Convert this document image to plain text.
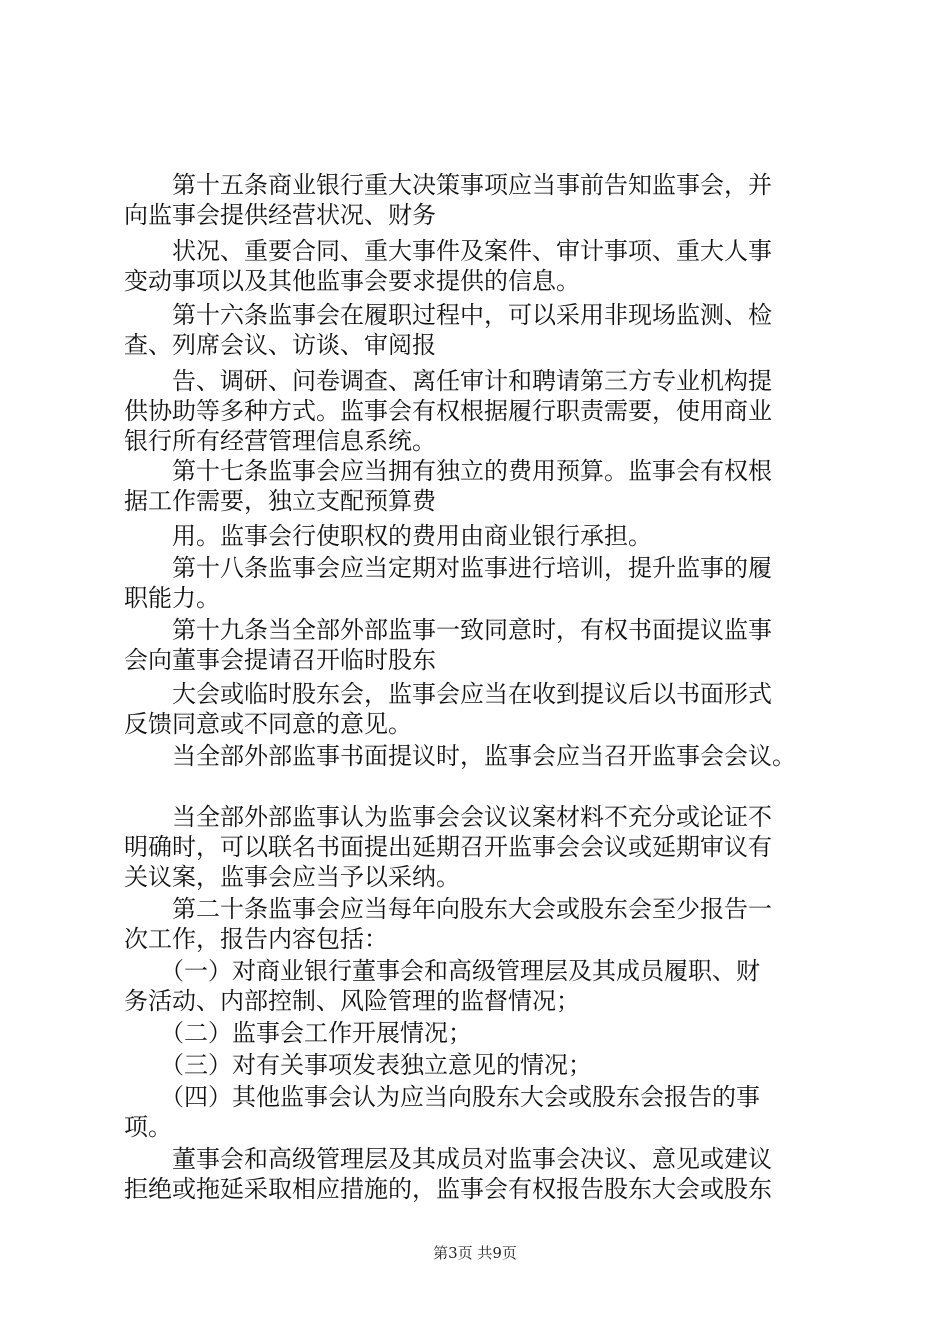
　　第十五条商业银行重大决策事项应当事前告知监事会，并
向监事会提供经营状况、财务
　　状况、重要合同、重大事件及案件、审计事项、重大人事
变动事项以及其他监事会要求提供的信息。
　　第十六条监事会在履职过程中，可以采用非现场监测、检
查、列席会议、访谈、审阅报
　　告、调研、问卷调查、离任审计和聘请第三方专业机构提
供协助等多种方式。监事会有权根据履行职责需要，使用商业
银行所有经营管理信息系统。
　　第十七条监事会应当拥有独立的费用预算。监事会有权根
据工作需要，独立支配预算费
　　用。监事会行使职权的费用由商业银行承担。
　　第十八条监事会应当定期对监事进行培训，提升监事的履
职能力。
　　第十九条当全部外部监事一致同意时，有权书面提议监事
会向董事会提请召开临时股东
　　大会或临时股东会，监事会应当在收到提议后以书面形式
反馈同意或不同意的意见。
　　当全部外部监事书面提议时，监事会应当召开监事会会议。
　　当全部外部监事认为监事会会议议案材料不充分或论证不
明确时，可以联名书面提出延期召开监事会会议或延期审议有
关议案，监事会应当予以采纳。
　　第二十条监事会应当每年向股东大会或股东会至少报告一
次工作，报告内容包括：
　　（一）对商业银行董事会和高级管理层及其成员履职、财
务活动、内部控制、风险管理的监督情况；
　　（二）监事会工作开展情况；
　　（三）对有关事项发表独立意见的情况；
　　（四）其他监事会认为应当向股东大会或股东会报告的事
项。
　　董事会和高级管理层及其成员对监事会决议、意见或建议
拒绝或拖延采取相应措施的，监事会有权报告股东大会或股东
第3页 共9页
